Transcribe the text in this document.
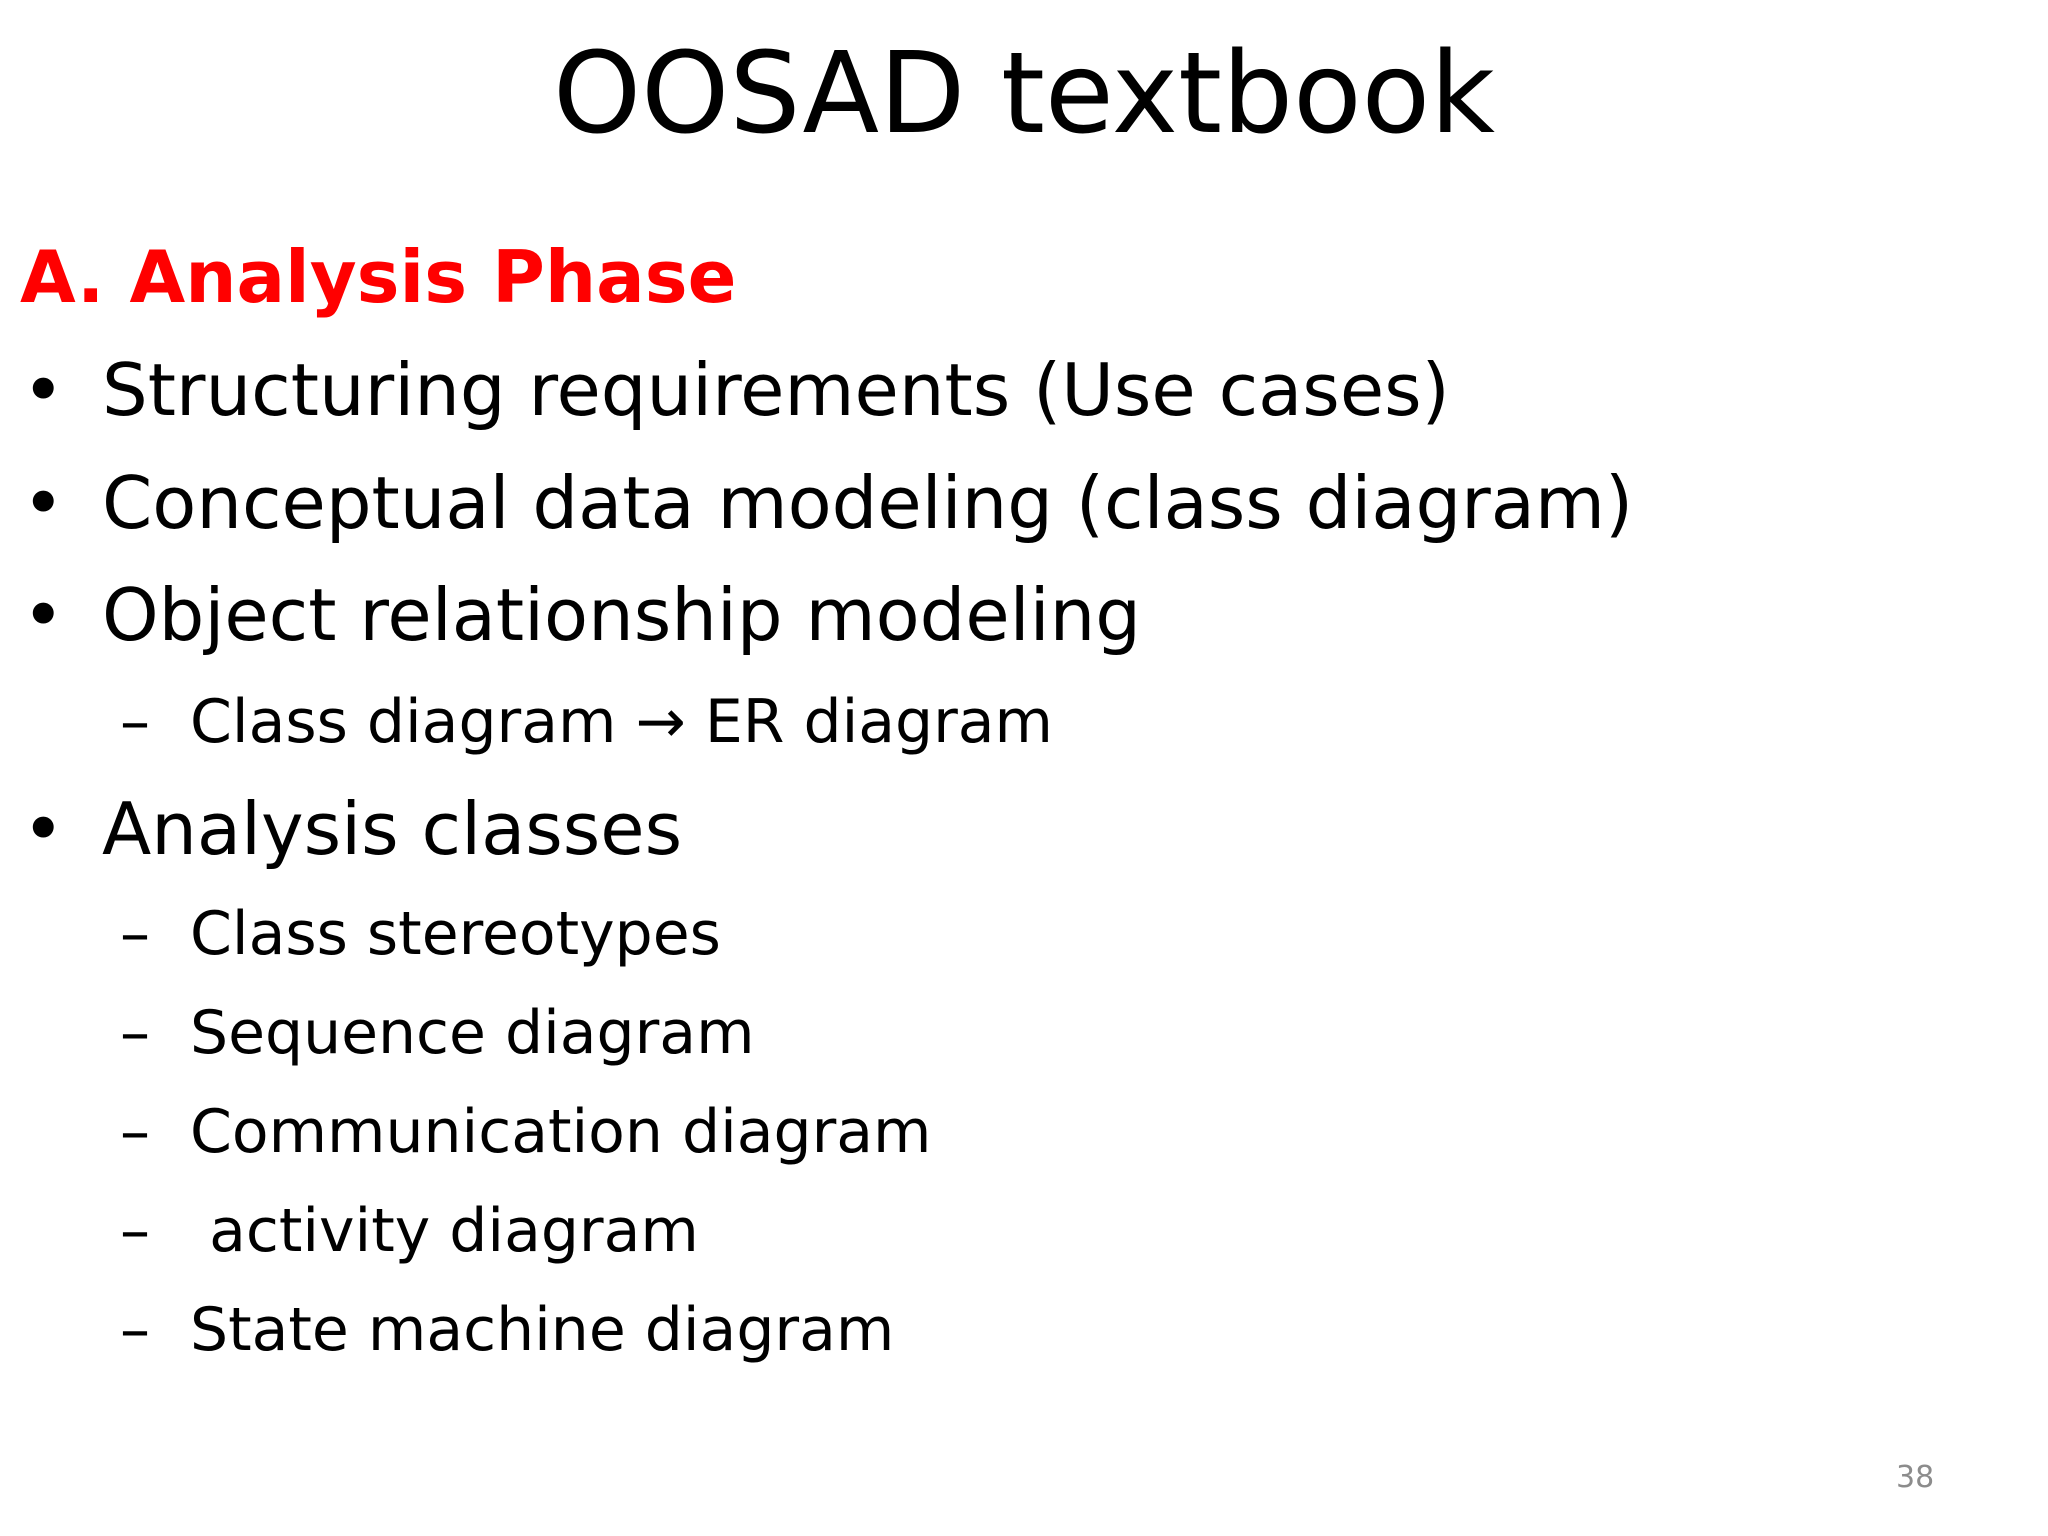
OOSAD textbook
A. Analysis Phase
• Structuring requirements (Use cases)
• Conceptual data modeling (class diagram)
• Object relationship modeling
– Class diagram → ER diagram
• Analysis classes
– Class stereotypes
– Sequence diagram
– Communication diagram
– activity diagram
– State machine diagram
38
